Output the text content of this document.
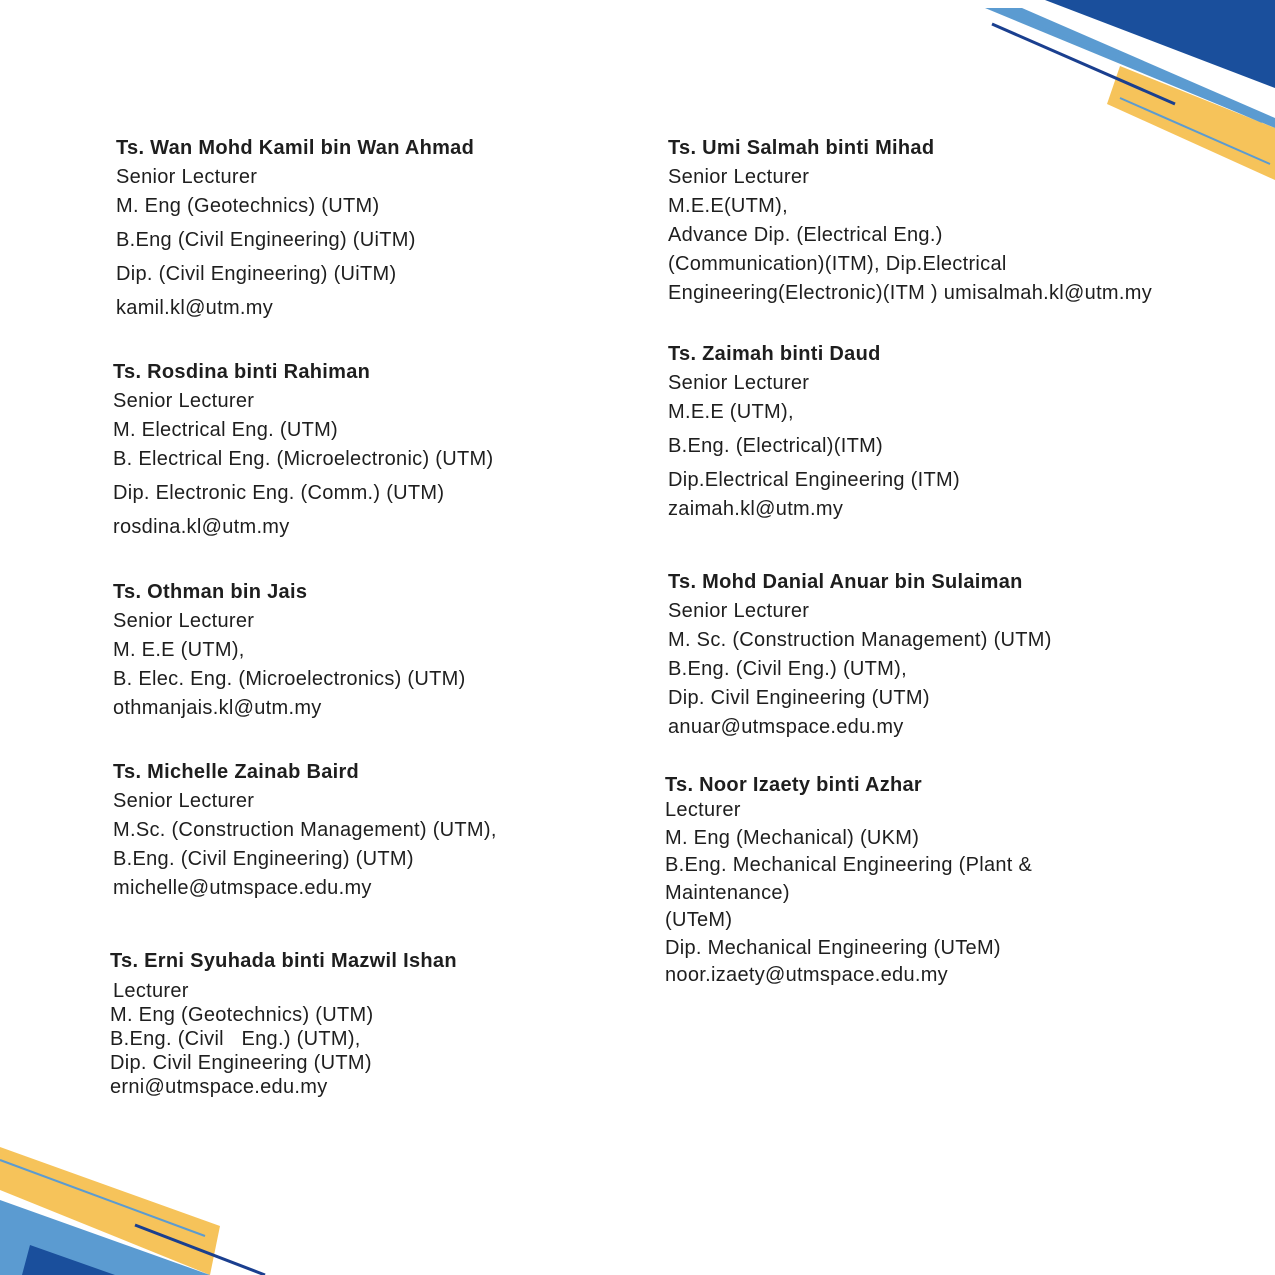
Ts. Wan Mohd Kamil bin Wan Ahmad
Senior Lecturer
M. Eng (Geotechnics) (UTM)
B.Eng (Civil Engineering) (UiTM)
Dip. (Civil Engineering) (UiTM)
kamil.kl@utm.my
Ts. Rosdina binti Rahiman
Senior Lecturer
M. Electrical Eng. (UTM)
B. Electrical Eng. (Microelectronic) (UTM)
Dip. Electronic Eng. (Comm.) (UTM)
rosdina.kl@utm.my
Ts. Othman bin Jais
Senior Lecturer
M. E.E (UTM),
B. Elec. Eng. (Microelectronics) (UTM)
othmanjais.kl@utm.my
Ts. Michelle Zainab Baird
Senior Lecturer
M.Sc. (Construction Management) (UTM),
B.Eng. (Civil Engineering) (UTM)
michelle@utmspace.edu.my
Ts. Erni Syuhada binti Mazwil Ishan
Lecturer
M. Eng (Geotechnics) (UTM)
B.Eng. (Civil   Eng.) (UTM),
Dip. Civil Engineering (UTM)
erni@utmspace.edu.my
Ts. Umi Salmah binti Mihad
Senior Lecturer
M.E.E(UTM),
Advance Dip. (Electrical Eng.)
(Communication)(ITM), Dip.Electrical
Engineering(Electronic)(ITM ) umisalmah.kl@utm.my
Ts. Zaimah binti Daud
Senior Lecturer
M.E.E (UTM),
B.Eng. (Electrical)(ITM)
Dip.Electrical Engineering (ITM)
zaimah.kl@utm.my
Ts. Mohd Danial Anuar bin Sulaiman
Senior Lecturer
M. Sc. (Construction Management) (UTM)
B.Eng. (Civil Eng.) (UTM),
Dip. Civil Engineering (UTM)
anuar@utmspace.edu.my
Ts. Noor Izaety binti Azhar
Lecturer
M. Eng (Mechanical) (UKM)
B.Eng. Mechanical Engineering (Plant &
Maintenance)
(UTeM)
Dip. Mechanical Engineering (UTeM)
noor.izaety@utmspace.edu.my
